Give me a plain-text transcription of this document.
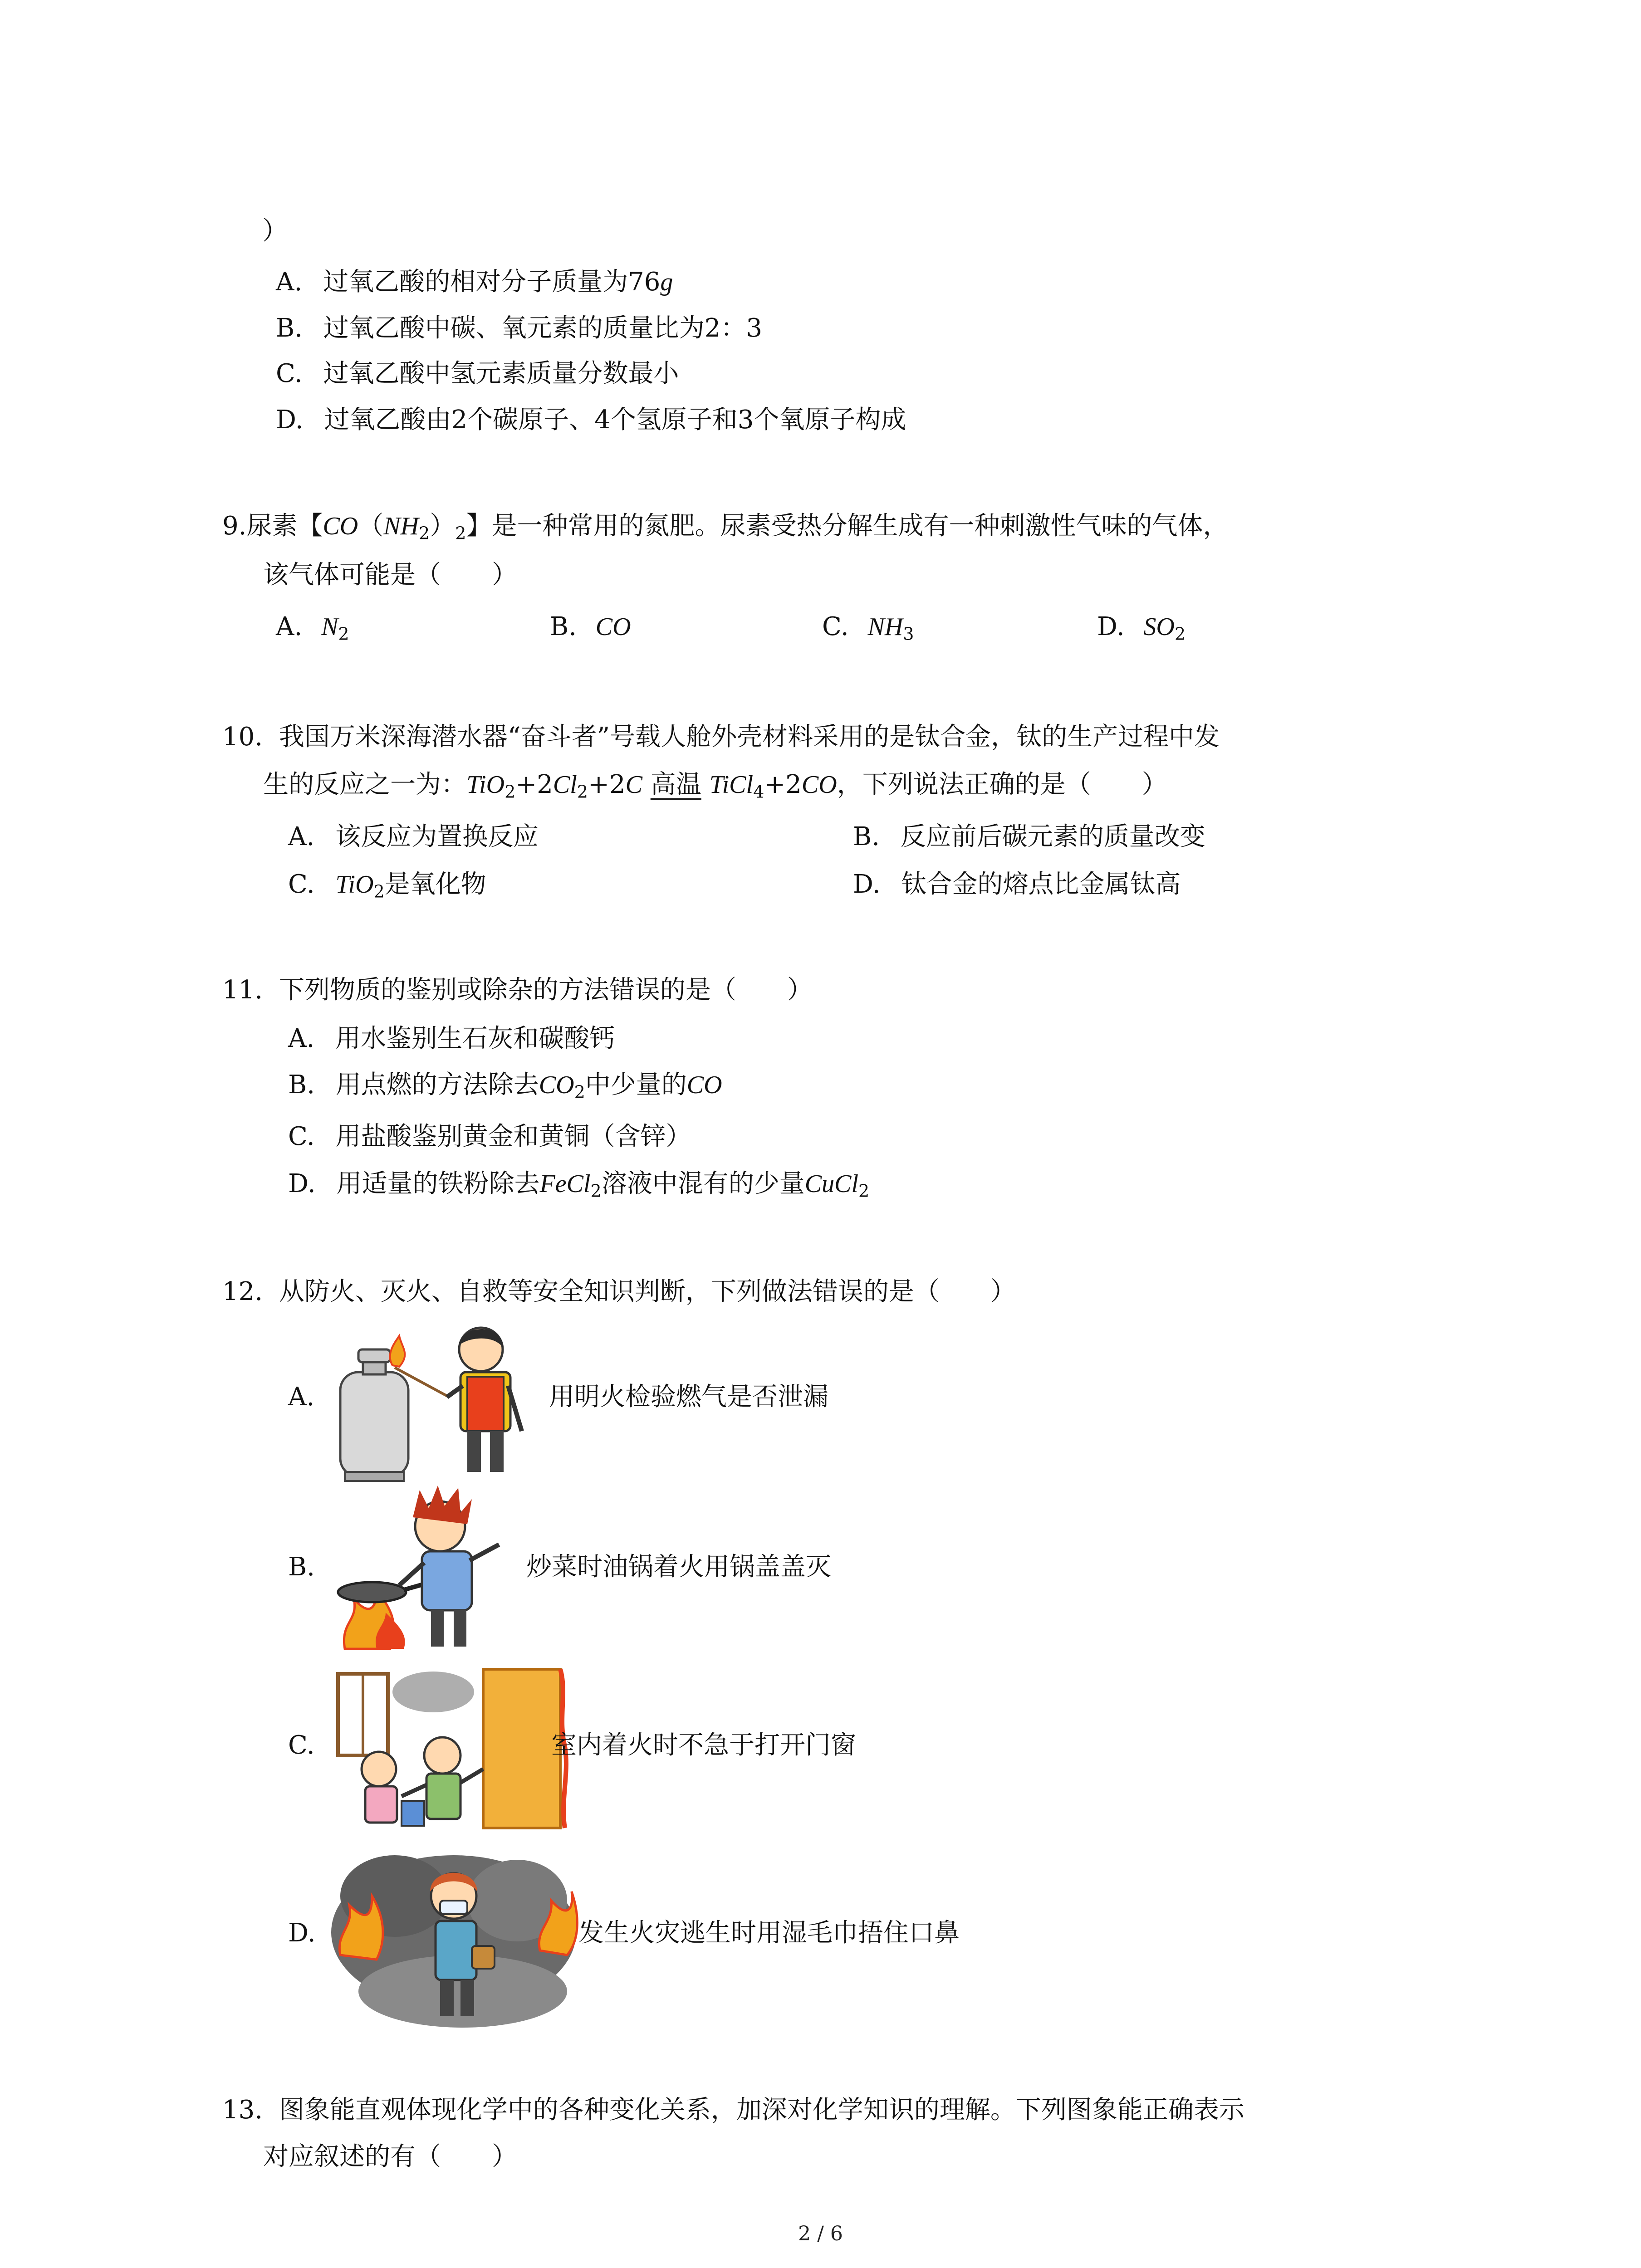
）
A. 过氧乙酸的相对分子质量为76g
B. 过氧乙酸中碳、氧元素的质量比为2：3
C. 过氧乙酸中氢元素质量分数最小
D. 过氧乙酸由2个碳原子、4个氢原子和3个氧原子构成
9.尿素【$CO(NH_2)_2$】是一种常用的氮肥。尿素受热分解生成有一种刺激性气味的气体，
该气体可能是（　　）
A. $N_2$	B. CO	C. $NH_3$	D. $SO_2$
10. 我国万米深海潜水器“奋斗者”号载人舱外壳材料采用的是钛合金，钛的生产过程中发
生的反应之一为：$TiO_2+2Cl_2+2C$ 高温 TiCl$_4$+2CO，下列说法正确的是（　　）
A. 该反应为置换反应	B. 反应前后碳元素的质量改变
C. TiO$_2$是氧化物	D. 钛合金的熔点比金属钛高
11. 下列物质的鉴别或除杂的方法错误的是（　　）
A. 用水鉴别生石灰和碳酸钙
B. 用点燃的方法除去$CO_2$中少量的CO
C. 用盐酸鉴别黄金和黄铜（含锌）
D. 用适量的铁粉除去FeCl$_2$溶液中混有的少量CuCl$_2$
12. 从防火、灭火、自救等安全知识判断，下列做法错误的是（　　）
A.	用明火检验燃气是否泄漏
B.	炒菜时油锅着火用锅盖盖灭
C.	室内着火时不急于打开门窗
D.	发生火灾逃生时用湿毛巾捂住口鼻
13. 图象能直观体现化学中的各种变化关系，加深对化学知识的理解。下列图象能正确表示
对应叙述的有（　　）
2 / 6
